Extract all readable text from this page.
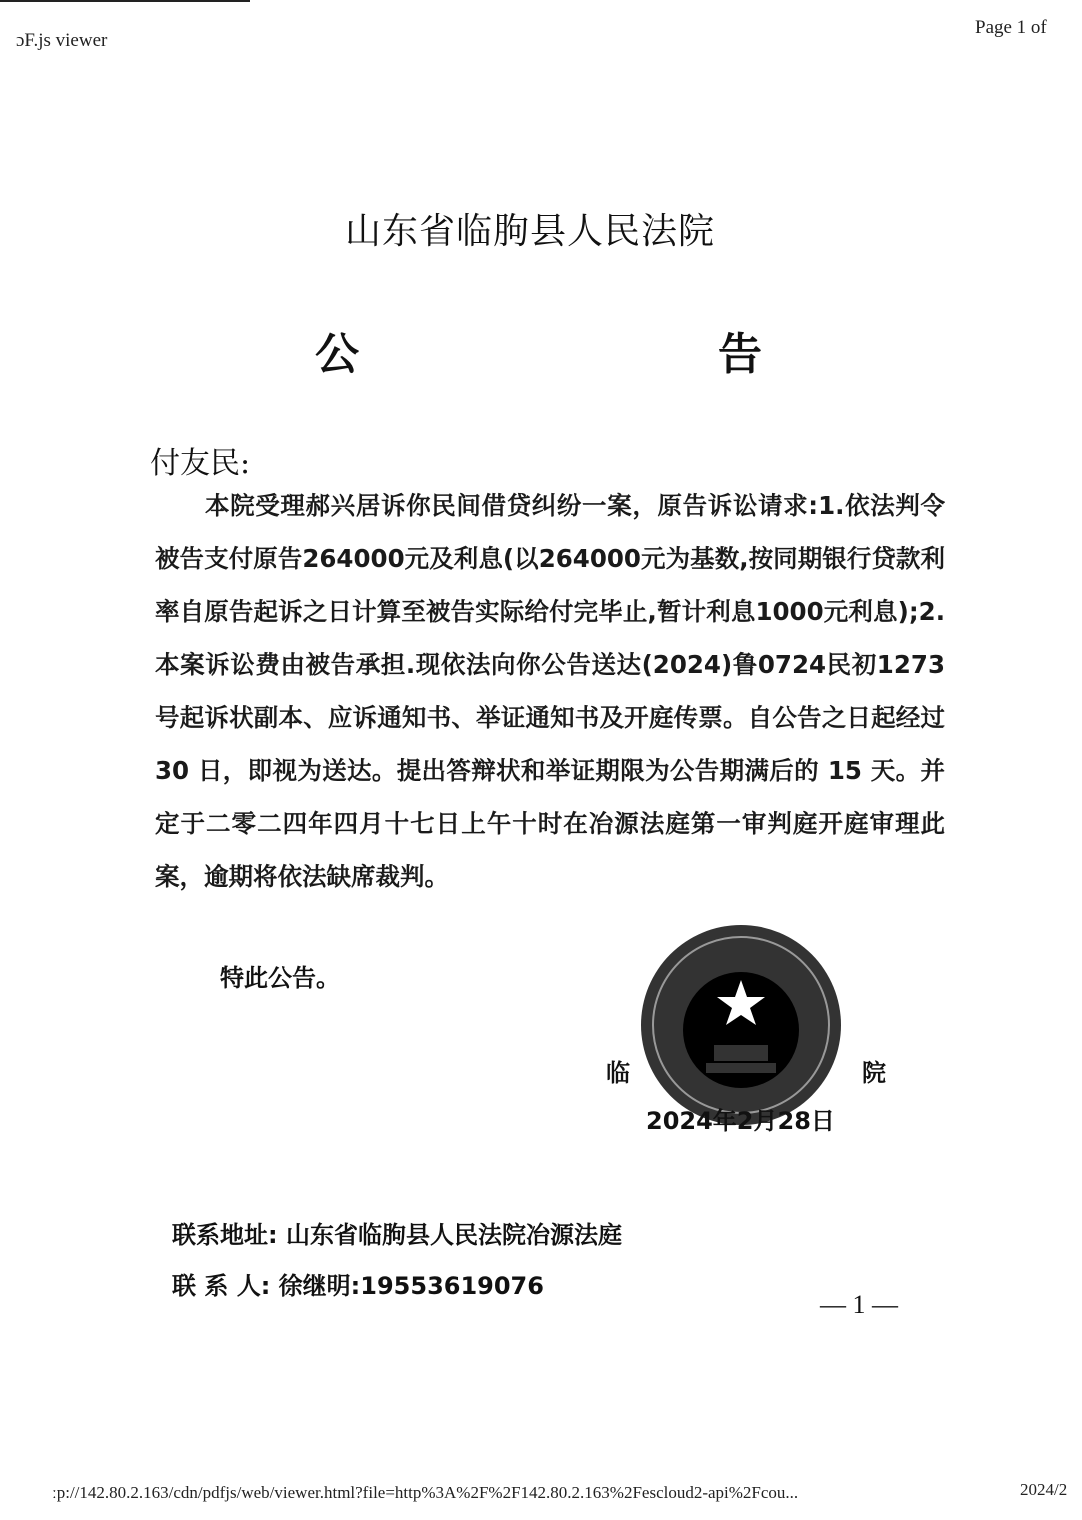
ɔF.js viewer
Page 1 of
山东省临朐县人民法院
公	告
付友民:
本院受理郝兴居诉你民间借贷纠纷一案，原告诉讼请求:1.依法判令被告支付原告264000元及利息(以264000元为基数,按同期银行贷款利率自原告起诉之日计算至被告实际给付完毕止,暂计利息1000元利息);2.本案诉讼费由被告承担.现依法向你公告送达(2024)鲁0724民初1273号起诉状副本、应诉通知书、举证通知书及开庭传票。自公告之日起经过 30 日，即视为送达。提出答辩状和举证期限为公告期满后的 15 天。并定于二零二四年四月十七日上午十时在冶源法庭第一审判庭开庭审理此案，逾期将依法缺席裁判。
特此公告。
临	院
2024年2月28日
联系地址: 山东省临朐县人民法院冶源法庭
联 系 人: 徐继明:19553619076
— 1 —
ːp://142.80.2.163/cdn/pdfjs/web/viewer.html?file=http%3A%2F%2F142.80.2.163%2Fescloud2-api%2Fcou...	2024/2
